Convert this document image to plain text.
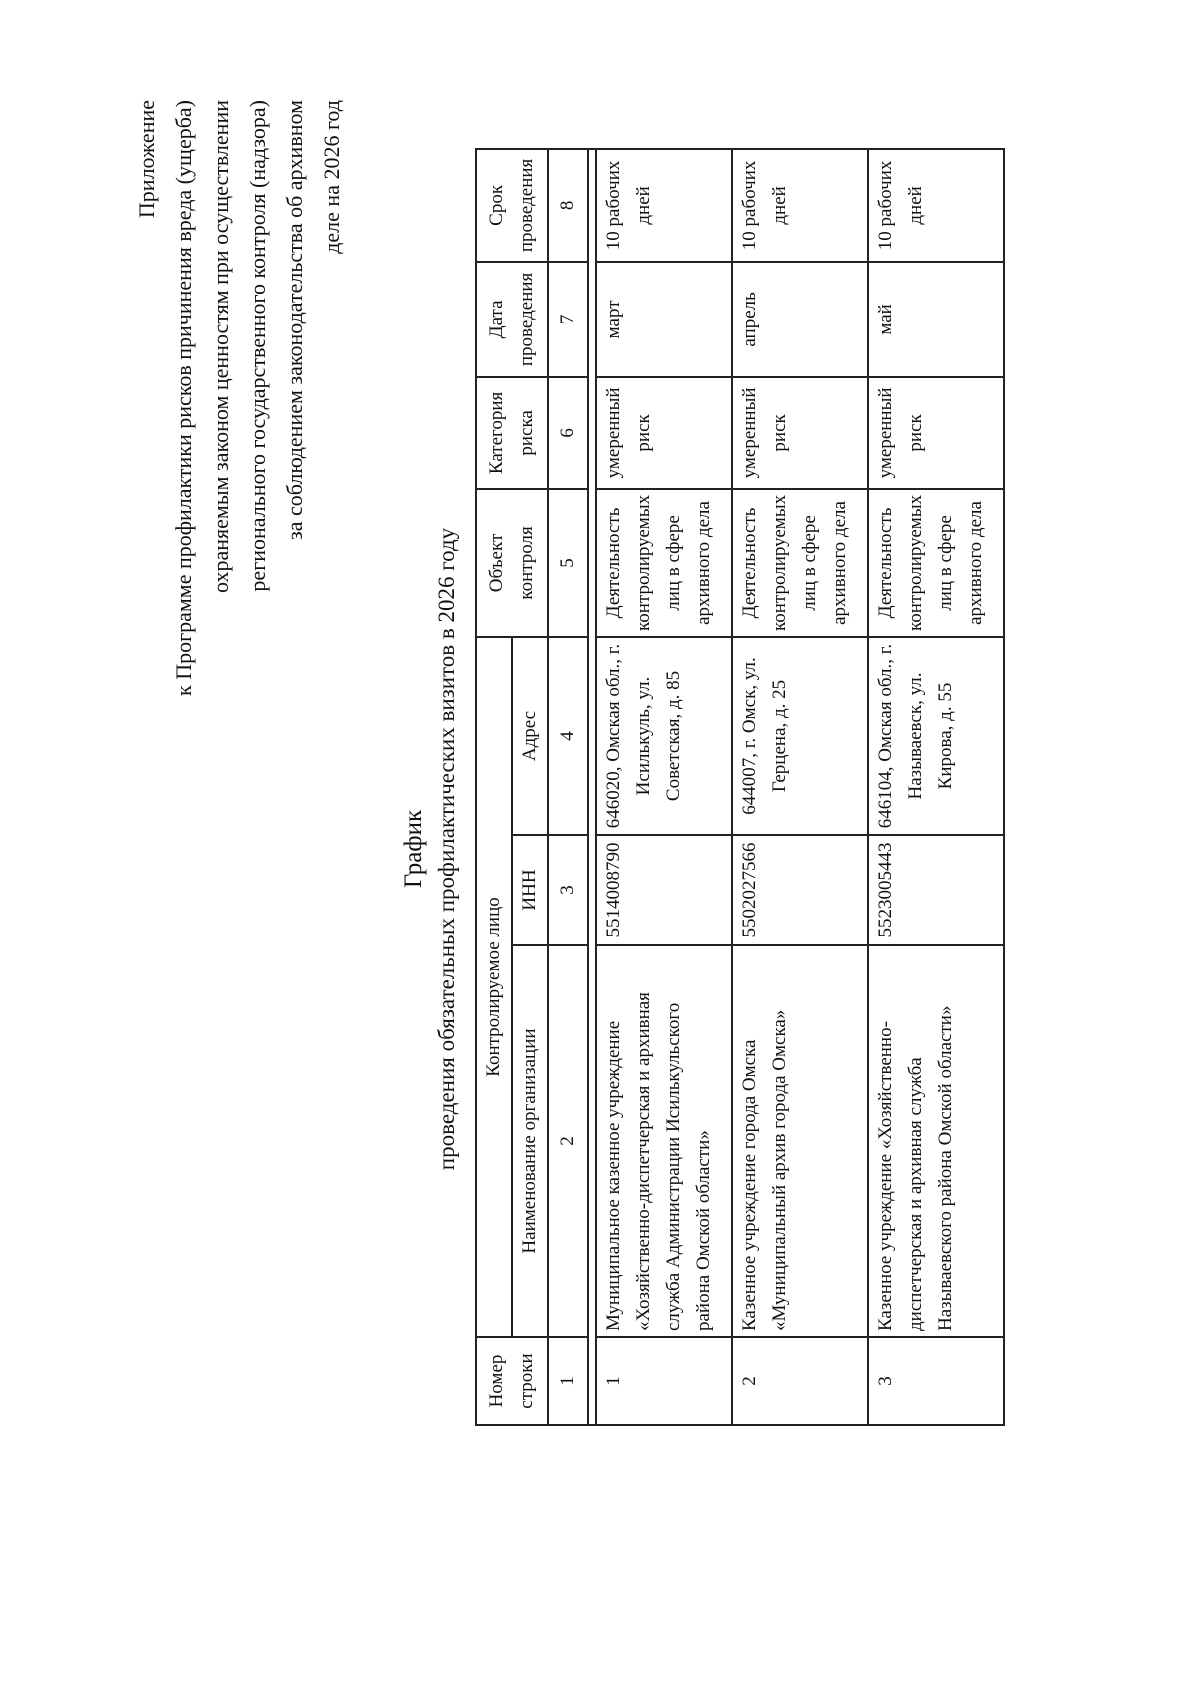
Приложение к Программе профилактики рисков причинения вреда (ущерба) охраняемым законом ценностям при осуществлении регионального государственного контроля (надзора) за соблюдением законодательства об архивном деле на 2026 год
График проведения обязательных профилактических визитов в 2026 году
Номер строки	Контролируемое лицо			Объект контроля	Категория риска	Дата проведения	Срок проведения
	Наименование организации	ИНН	Адрес				
1	2	3	4	5	6	7	8

1	Муниципальное казенное учреждение «Хозяйственно-диспетчерская и архивная служба Администрации Исилькульского района Омской области»	5514008790	646020, Омская обл., г. Исилькуль, ул. Советская, д. 85	Деятельность контролируемых лиц в сфере архивного дела	умеренный риск	март	10 рабочих дней
2	Казенное учреждение города Омска «Муниципальный архив города Омска»	5502027566	644007, г. Омск, ул. Герцена, д. 25	Деятельность контролируемых лиц в сфере архивного дела	умеренный риск	апрель	10 рабочих дней
3	Казенное учреждение «Хозяйственно-диспетчерская и архивная служба Называевского района Омской области»	5523005443	646104, Омская обл., г. Называевск, ул. Кирова, д. 55	Деятельность контролируемых лиц в сфере архивного дела	умеренный риск	май	10 рабочих дней
